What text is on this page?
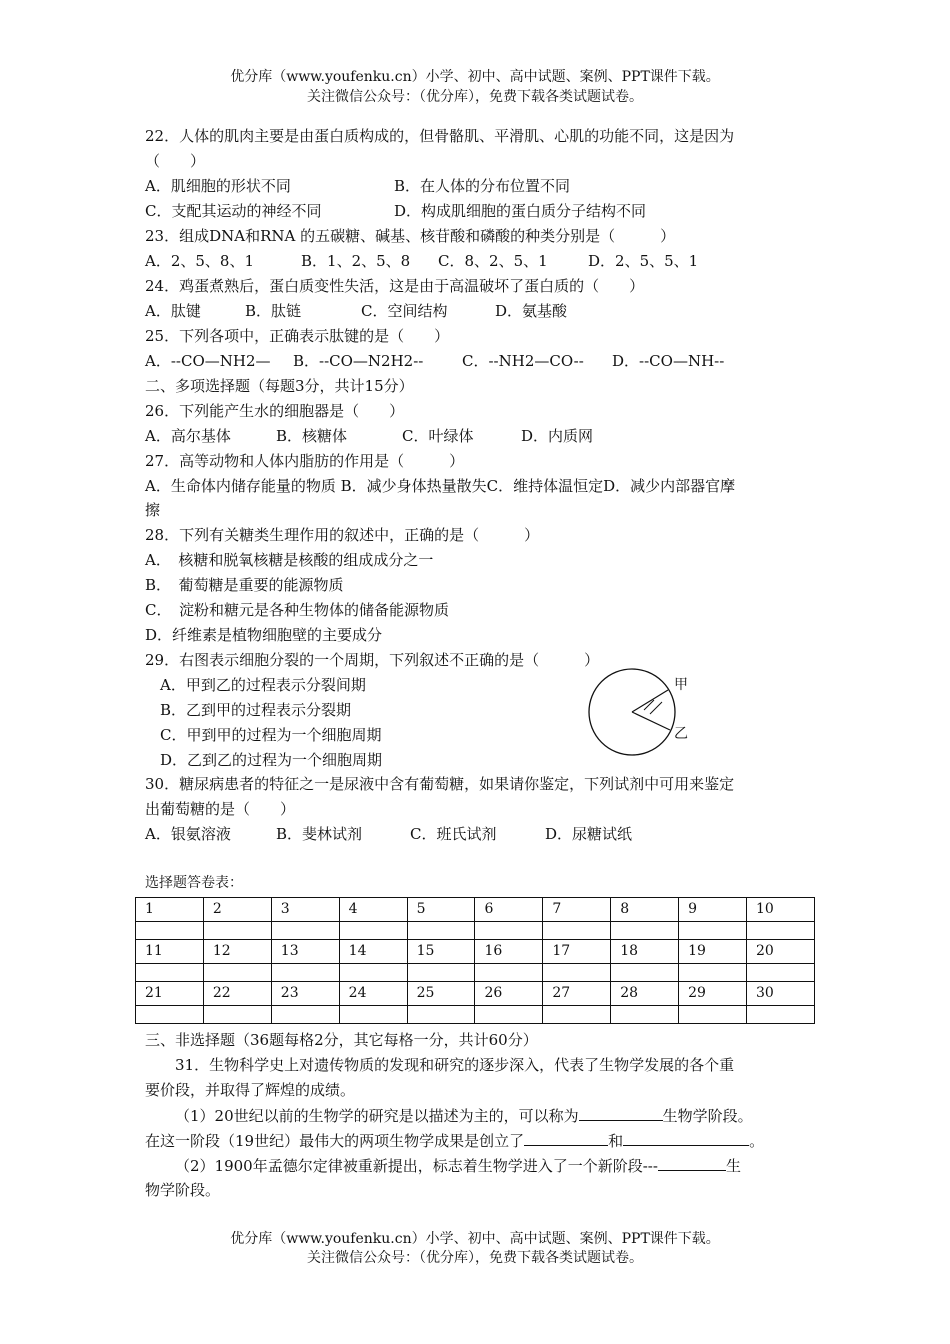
优分库（www.youfenku.cn）小学、初中、高中试题、案例、PPT课件下载。
关注微信公众号：（优分库），免费下载各类试题试卷。
22．人体的肌肉主要是由蛋白质构成的，但骨骼肌、平滑肌、心肌的功能不同，这是因为
（　　）
A．肌细胞的形状不同	B．在人体的分布位置不同
C．支配其运动的神经不同	D．构成肌细胞的蛋白质分子结构不同
23．组成DNA和RNA 的五碳糖、碱基、核苷酸和磷酸的种类分别是（　　　）
A．2、5、8、1	B．1、2、5、8 C．8、2、5、1	D．2、5、5、1
24．鸡蛋煮熟后，蛋白质变性失活，这是由于高温破坏了蛋白质的（　　）
A．肽键	B．肽链	C．空间结构	D．氨基酸
25．下列各项中，正确表示肽键的是（　　）
A．--CO—NH2— B．--CO—N2H2--	C．--NH2—CO-- D．--CO—NH--
二、多项选择题（每题3分，共计15分）
26．下列能产生水的细胞器是（　　）
A．高尔基体	B．核糖体	C．叶绿体	D．内质网
27．高等动物和人体内脂肪的作用是（　　　）
A．生命体内储存能量的物质 B．减少身体热量散失C．维持体温恒定D．减少内部器官摩
擦
28．下列有关糖类生理作用的叙述中，正确的是（　　　）
A．　核糖和脱氧核糖是核酸的组成成分之一
B．　葡萄糖是重要的能源物质
C．　淀粉和糖元是各种生物体的储备能源物质
D．纤维素是植物细胞壁的主要成分
29．右图表示细胞分裂的一个周期，下列叙述不正确的是（　　　）
A．甲到乙的过程表示分裂间期
B．乙到甲的过程表示分裂期
C．甲到甲的过程为一个细胞周期
D．乙到乙的过程为一个细胞周期
甲
乙
30．糖尿病患者的特征之一是尿液中含有葡萄糖，如果请你鉴定，下列试剂中可用来鉴定
出葡萄糖的是（　　）
A．银氨溶液	B．斐林试剂	C．班氏试剂	D．尿糖试纸
选择题答卷表：
1	2	3	4	5	6	7	8	9	10

11	12	13	14	15	16	17	18	19	20

21	22	23	24	25	26	27	28	29	30

三、非选择题（36题每格2分，其它每格一分，共计60分）
31．生物科学史上对遗传物质的发现和研究的逐步深入，代表了生物学发展的各个重
要价段，并取得了辉煌的成绩。
（1）20世纪以前的生物学的研究是以描述为主的，可以称为	生物学阶段。
在这一阶段（19世纪）最伟大的两项生物学成果是创立了	和	。
（2）1900年孟德尔定律被重新提出，标志着生物学进入了一个新阶段---	生
物学阶段。
优分库（www.youfenku.cn）小学、初中、高中试题、案例、PPT课件下载。
关注微信公众号：（优分库），免费下载各类试题试卷。
